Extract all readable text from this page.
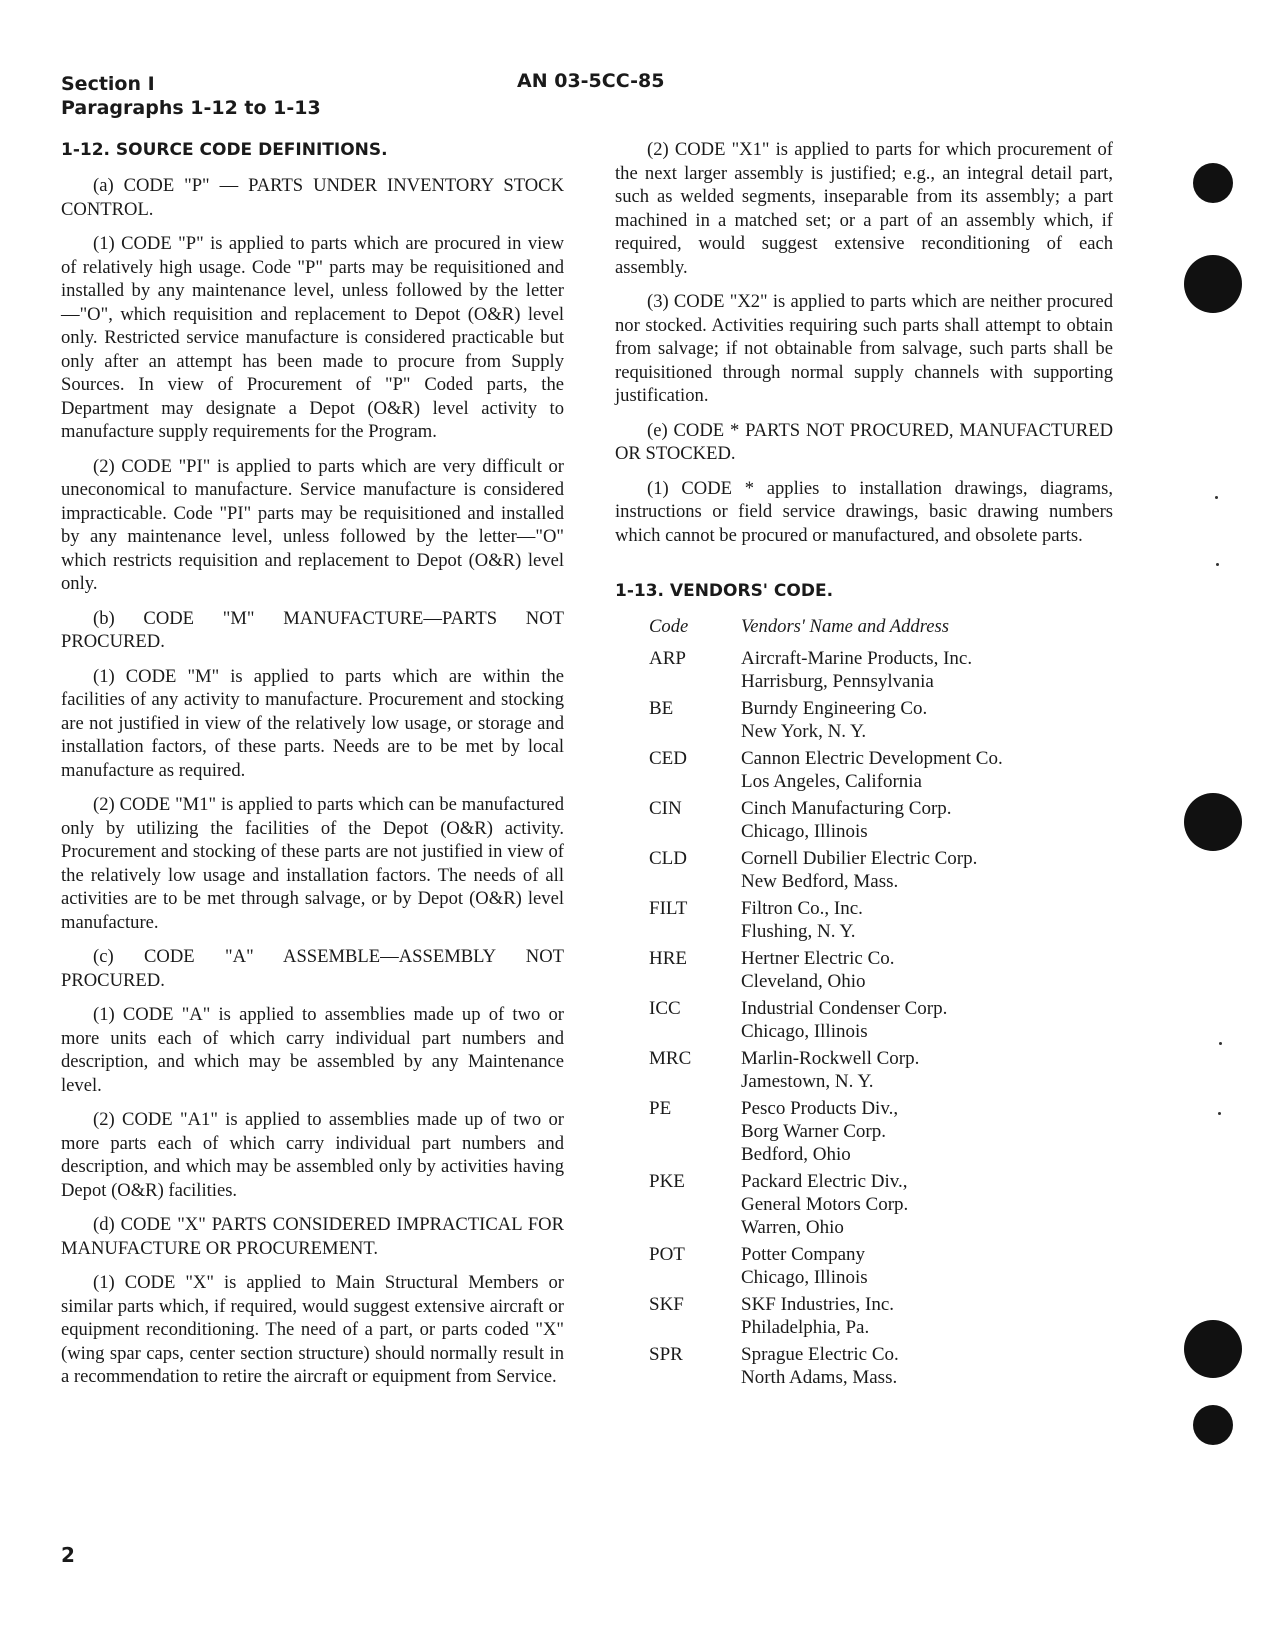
Section I
Paragraphs 1-12 to 1-13
AN 03-5CC-85
1-12. SOURCE CODE DEFINITIONS.

(a) CODE "P" — PARTS UNDER INVENTORY STOCK CONTROL.

(1) CODE "P" is applied to parts which are procured in view of relatively high usage. Code "P" parts may be requisitioned and installed by any maintenance level, unless followed by the letter—"O", which requisition and replacement to Depot (O&R) level only. Restricted service manufacture is considered practicable but only after an attempt has been made to procure from Supply Sources. In view of Procurement of "P" Coded parts, the Department may designate a Depot (O&R) level activity to manufacture supply requirements for the Program.

(2) CODE "PI" is applied to parts which are very difficult or uneconomical to manufacture. Service manufacture is considered impracticable. Code "PI" parts may be requisitioned and installed by any maintenance level, unless followed by the letter—"O" which restricts requisition and replacement to Depot (O&R) level only.

(b) CODE "M" MANUFACTURE—PARTS NOT PROCURED.

(1) CODE "M" is applied to parts which are within the facilities of any activity to manufacture. Procurement and stocking are not justified in view of the relatively low usage, or storage and installation factors, of these parts. Needs are to be met by local manufacture as required.

(2) CODE "M1" is applied to parts which can be manufactured only by utilizing the facilities of the Depot (O&R) activity. Procurement and stocking of these parts are not justified in view of the relatively low usage and installation factors. The needs of all activities are to be met through salvage, or by Depot (O&R) level manufacture.

(c) CODE "A" ASSEMBLE—ASSEMBLY NOT PROCURED.

(1) CODE "A" is applied to assemblies made up of two or more units each of which carry individual part numbers and description, and which may be assembled by any Maintenance level.

(2) CODE "A1" is applied to assemblies made up of two or more parts each of which carry individual part numbers and description, and which may be assembled only by activities having Depot (O&R) facilities.

(d) CODE "X" PARTS CONSIDERED IMPRACTICAL FOR MANUFACTURE OR PROCUREMENT.

(1) CODE "X" is applied to Main Structural Members or similar parts which, if required, would suggest extensive aircraft or equipment reconditioning. The need of a part, or parts coded "X" (wing spar caps, center section structure) should normally result in a recommendation to retire the aircraft or equipment from Service.

(2) CODE "X1" is applied to parts for which procurement of the next larger assembly is justified; e.g., an integral detail part, such as welded segments, inseparable from its assembly; a part machined in a matched set; or a part of an assembly which, if required, would suggest extensive reconditioning of each assembly.

(3) CODE "X2" is applied to parts which are neither procured nor stocked. Activities requiring such parts shall attempt to obtain from salvage; if not obtainable from salvage, such parts shall be requisitioned through normal supply channels with supporting justification.

(e) CODE * PARTS NOT PROCURED, MANUFACTURED OR STOCKED.

(1) CODE * applies to installation drawings, diagrams, instructions or field service drawings, basic drawing numbers which cannot be procured or manufactured, and obsolete parts.

1-13. VENDORS' CODE.
Code	Vendors' Name and Address
ARP	Aircraft-Marine Products, Inc.
Harrisburg, Pennsylvania
BE	Burndy Engineering Co.
New York, N. Y.
CED	Cannon Electric Development Co.
Los Angeles, California
CIN	Cinch Manufacturing Corp.
Chicago, Illinois
CLD	Cornell Dubilier Electric Corp.
New Bedford, Mass.
FILT	Filtron Co., Inc.
Flushing, N. Y.
HRE	Hertner Electric Co.
Cleveland, Ohio
ICC	Industrial Condenser Corp.
Chicago, Illinois
MRC	Marlin-Rockwell Corp.
Jamestown, N. Y.
PE	Pesco Products Div.,
Borg Warner Corp.
Bedford, Ohio
PKE	Packard Electric Div.,
General Motors Corp.
Warren, Ohio
POT	Potter Company
Chicago, Illinois
SKF	SKF Industries, Inc.
Philadelphia, Pa.
SPR	Sprague Electric Co.
North Adams, Mass.
2
